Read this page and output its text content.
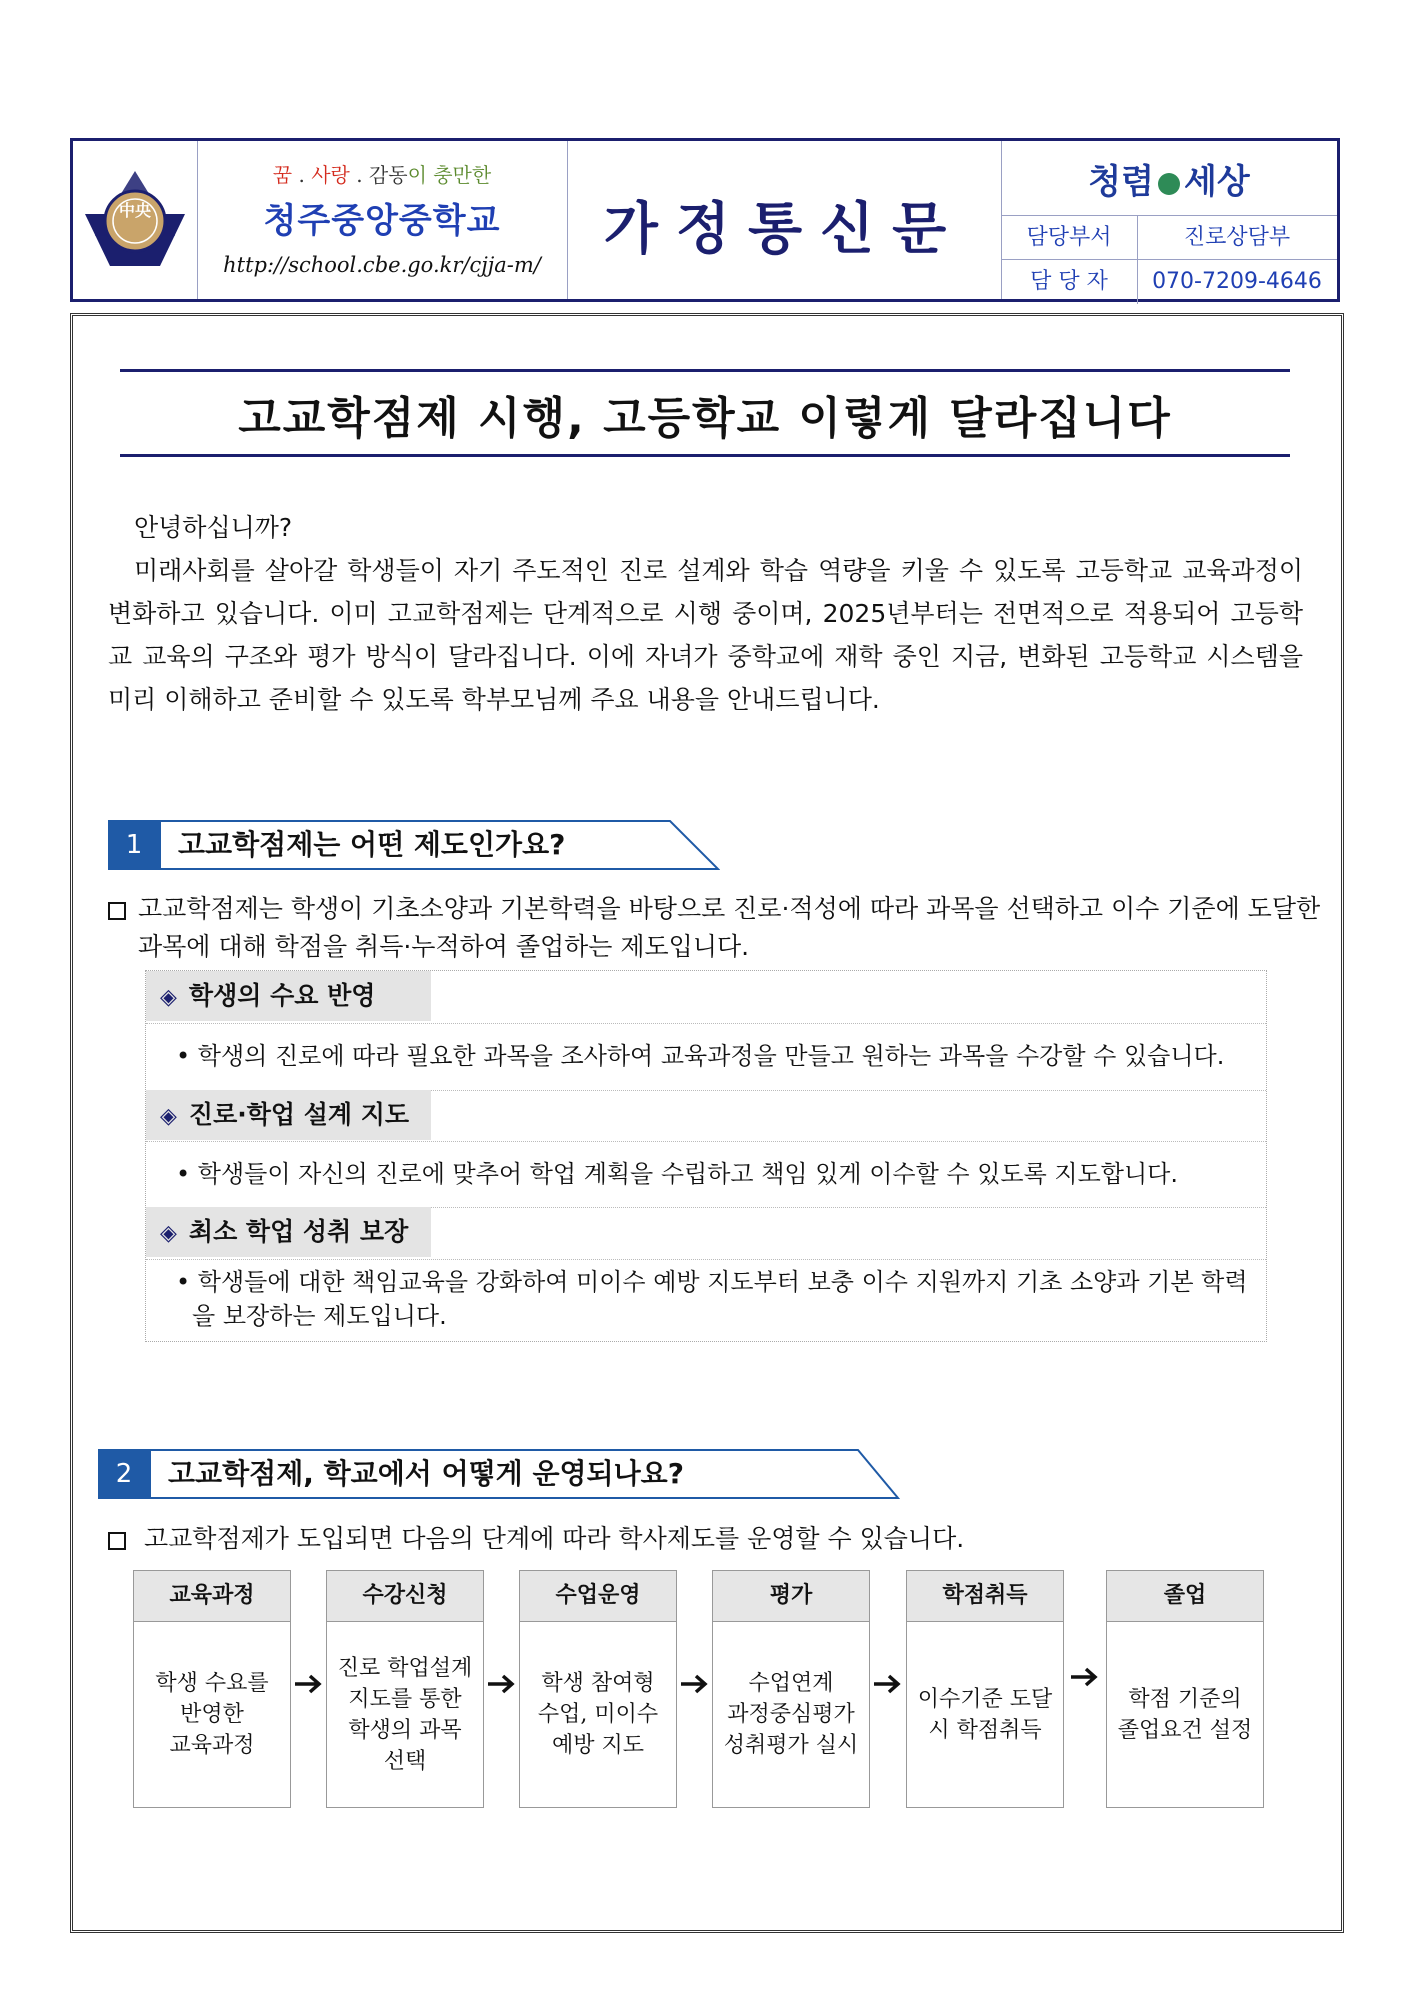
中央
꿈 . 사랑 . 감동이 충만한
청주중앙중학교
http://school.cbe.go.kr/cjja-m/
가정통신문
청렴 세상
담당부서	진로상담부
담 당 자	070-7209-4646
고교학점제 시행, 고등학교 이렇게 달라집니다
안녕하십니까?
미래사회를 살아갈 학생들이 자기 주도적인 진로 설계와 학습 역량을 키울 수 있도록 고등학교 교육과정이 변화하고 있습니다. 이미 고교학점제는 단계적으로 시행 중이며, 2025년부터는 전면적으로 적용되어 고등학교 교육의 구조와 평가 방식이 달라집니다. 이에 자녀가 중학교에 재학 중인 지금, 변화된 고등학교 시스템을 미리 이해하고 준비할 수 있도록 학부모님께 주요 내용을 안내드립니다.
1	고교학점제는 어떤 제도인가요?
고교학점제는 학생이 기초소양과 기본학력을 바탕으로 진로·적성에 따라 과목을 선택하고 이수 기준에 도달한 과목에 대해 학점을 취득·누적하여 졸업하는 제도입니다.
◈ 학생의 수요 반영
• 학생의 진로에 따라 필요한 과목을 조사하여 교육과정을 만들고 원하는 과목을 수강할 수 있습니다.
◈ 진로·학업 설계 지도
• 학생들이 자신의 진로에 맞추어 학업 계획을 수립하고 책임 있게 이수할 수 있도록 지도합니다.
◈ 최소 학업 성취 보장
• 학생들에 대한 책임교육을 강화하여 미이수 예방 지도부터 보충 이수 지원까지 기초 소양과 기본 학력을 보장하는 제도입니다.
2	고교학점제, 학교에서 어떻게 운영되나요?
고교학점제가 도입되면 다음의 단계에 따라 학사제도를 운영할 수 있습니다.
교육과정
학생 수요를
반영한
교육과정
수강신청
진로 학업설계
지도를 통한
학생의 과목
선택
수업운영
학생 참여형
수업, 미이수
예방 지도
평가
수업연계
과정중심평가
성취평가 실시
학점취득
이수기준 도달
시 학점취득
졸업
학점 기준의
졸업요건 설정
